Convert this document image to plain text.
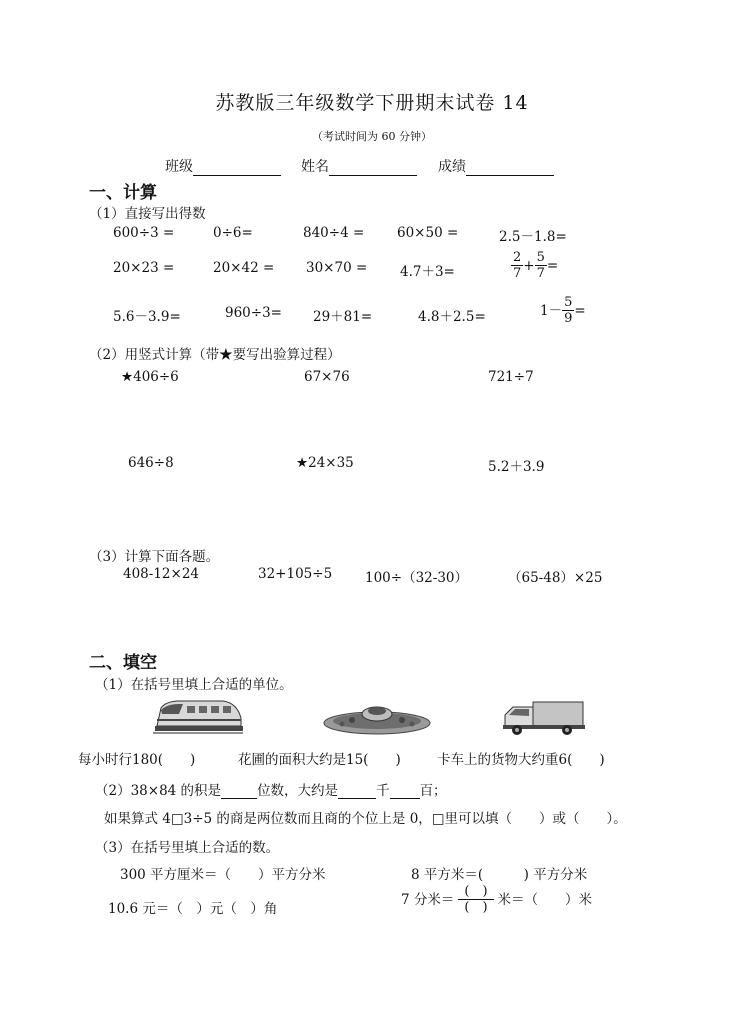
苏教版三年级数学下册期末试卷 14
（考试时间为 60 分钟）
班级	姓名	成绩
一、计算
（1）直接写出得数
600÷3 =	0÷6=	840÷4 = 60×50 =	2.5－1.8=
20×23 =	20×42 = 30×70 = 4.7＋3=	$\frac{2}{7} + \frac{5}{7}$ =
5.6－3.9=	960÷3= 29＋81=	4.8＋2.5=	$1- \frac{5}{9}$ =
（2）用竖式计算（带★要写出验算过程）
★406÷6	67×76	721÷7
646÷8	★24×35	5.2＋3.9
（3）计算下面各题。
408-12×24	32+105÷5 100÷（32-30）	（65-48）×25
二、填空
（1）在括号里填上合适的单位。
每小时行180(　　)	花圃的面积大约是15(　　)	卡车上的货物大约重6(　　)
（2）38×84 的积是	位数，大约是	千 百；
如果算式 4□3÷5 的商是两位数而且商的个位上是 0，□里可以填（　　）或（　　）。
（3）在括号里填上合适的数。
300 平方厘米＝（　　）平方分米	8 平方米＝(　　　) 平方分米
10.6 元＝（　）元（　）角
7 分米＝ $\frac{( )}{( )}$ 米＝（　　）米
